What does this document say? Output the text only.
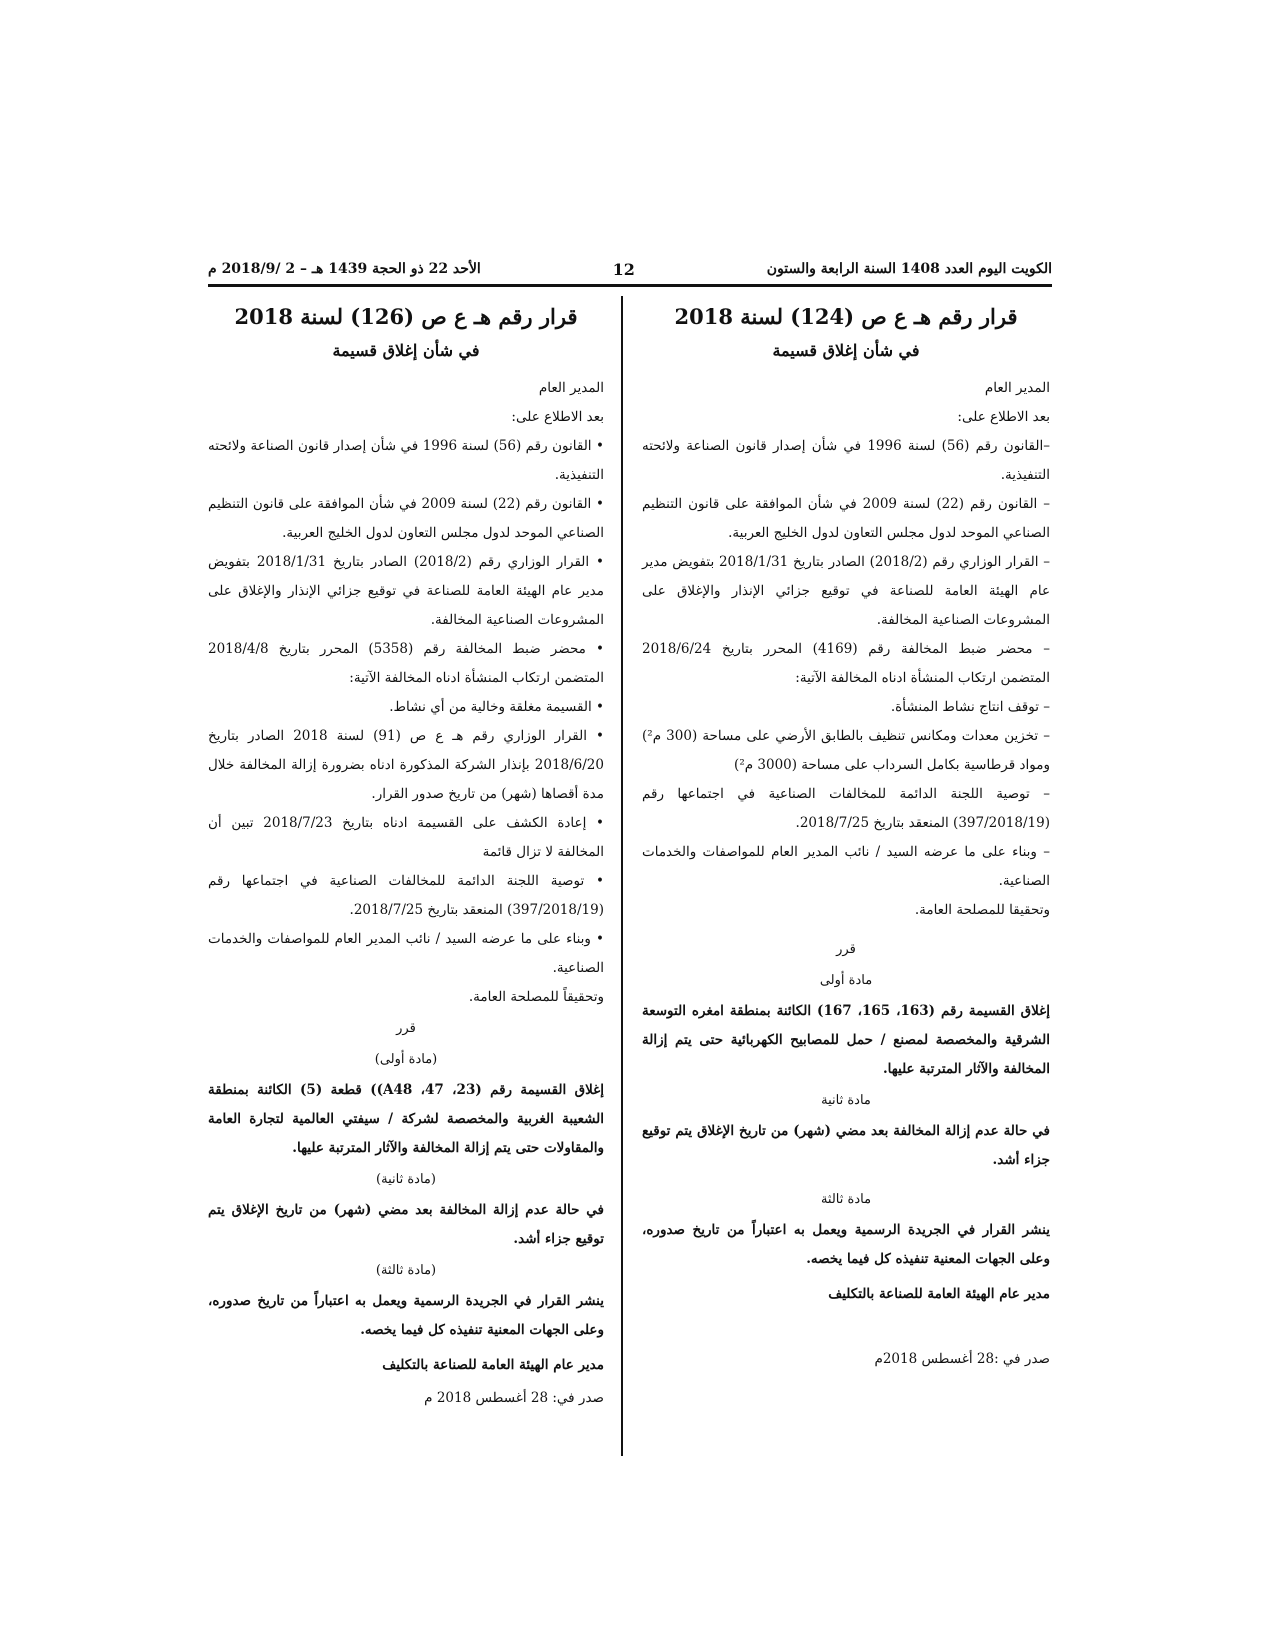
الكويت اليوم العدد 1408 السنة الرابعة والستون
12
الأحد 22 ذو الحجة 1439 هـ – 2 /2018/9 م
قرار رقم هـ ع ص (124) لسنة 2018
في شأن إغلاق قسيمة

المدير العام

بعد الاطلاع على:

–القانون رقم (56) لسنة 1996 في شأن إصدار قانون الصناعة ولائحته التنفيذية.

– القانون رقم (22) لسنة 2009 في شأن الموافقة على قانون التنظيم الصناعي الموحد لدول مجلس التعاون لدول الخليج العربية.

– القرار الوزاري رقم (2018/2) الصادر بتاريخ 2018/1/31 بتفويض مدير عام الهيئة العامة للصناعة في توقيع جزائي الإنذار والإغلاق على المشروعات الصناعية المخالفة.

– محضر ضبط المخالفة رقم (4169) المحرر بتاريخ 2018/6/24 المتضمن ارتكاب المنشأة ادناه المخالفة الآتية:

– توقف انتاج نشاط المنشأة.

– تخزين معدات ومكانس تنظيف بالطابق الأرضي على مساحة (300 م²) ومواد قرطاسية بكامل السرداب على مساحة (3000 م²)

– توصية اللجنة الدائمة للمخالفات الصناعية في اجتماعها رقم (397/2018/19) المنعقد بتاريخ 2018/7/25.

– وبناء على ما عرضه السيد / نائب المدير العام للمواصفات والخدمات الصناعية.

وتحقيقا للمصلحة العامة.

قرر

مادة أولى

إغلاق القسيمة رقم (163، 165، 167) الكائنة بمنطقة امغره التوسعة الشرقية والمخصصة لمصنع / حمل للمصابيح الكهربائية حتى يتم إزالة المخالفة والآثار المترتبة عليها.

مادة ثانية

في حالة عدم إزالة المخالفة بعد مضي (شهر) من تاريخ الإغلاق يتم توقيع جزاء أشد.

مادة ثالثة

ينشر القرار في الجريدة الرسمية ويعمل به اعتباراً من تاريخ صدوره، وعلى الجهات المعنية تنفيذه كل فيما يخصه.

مدير عام الهيئة العامة للصناعة بالتكليف
صدر في :28 أغسطس 2018م
قرار رقم هـ ع ص (126) لسنة 2018
في شأن إغلاق قسيمة

المدير العام

بعد الاطلاع على:

• القانون رقم (56) لسنة 1996 في شأن إصدار قانون الصناعة ولائحته التنفيذية.

• القانون رقم (22) لسنة 2009 في شأن الموافقة على قانون التنظيم الصناعي الموحد لدول مجلس التعاون لدول الخليج العربية.

• القرار الوزاري رقم (2018/2) الصادر بتاريخ 2018/1/31 بتفويض مدير عام الهيئة العامة للصناعة في توقيع جزائي الإنذار والإغلاق على المشروعات الصناعية المخالفة.

• محضر ضبط المخالفة رقم (5358) المحرر بتاريخ 2018/4/8 المتضمن ارتكاب المنشأة ادناه المخالفة الآتية:

• القسيمة مغلقة وخالية من أي نشاط.

• القرار الوزاري رقم هـ ع ص (91) لسنة 2018 الصادر بتاريخ 2018/6/20 بإنذار الشركة المذكورة ادناه بضرورة إزالة المخالفة خلال مدة أقصاها (شهر) من تاريخ صدور القرار.

• إعادة الكشف على القسيمة ادناه بتاريخ 2018/7/23 تبين أن المخالفة لا تزال قائمة

• توصية اللجنة الدائمة للمخالفات الصناعية في اجتماعها رقم (397/2018/19) المنعقد بتاريخ 2018/7/25.

• وبناء على ما عرضه السيد / نائب المدير العام للمواصفات والخدمات الصناعية.

وتحقيقاً للمصلحة العامة.

قرر

(مادة أولى)

إغلاق القسيمة رقم (23، 47، A48)) قطعة (5) الكائنة بمنطقة الشعيبة الغربية والمخصصة لشركة / سيفتي العالمية لتجارة العامة والمقاولات حتى يتم إزالة المخالفة والآثار المترتبة عليها.

(مادة ثانية)

في حالة عدم إزالة المخالفة بعد مضي (شهر) من تاريخ الإغلاق يتم توقيع جزاء أشد.

(مادة ثالثة)

ينشر القرار في الجريدة الرسمية ويعمل به اعتباراً من تاريخ صدوره، وعلى الجهات المعنية تنفيذه كل فيما يخصه.

مدير عام الهيئة العامة للصناعة بالتكليف
صدر في: 28 أغسطس 2018 م
